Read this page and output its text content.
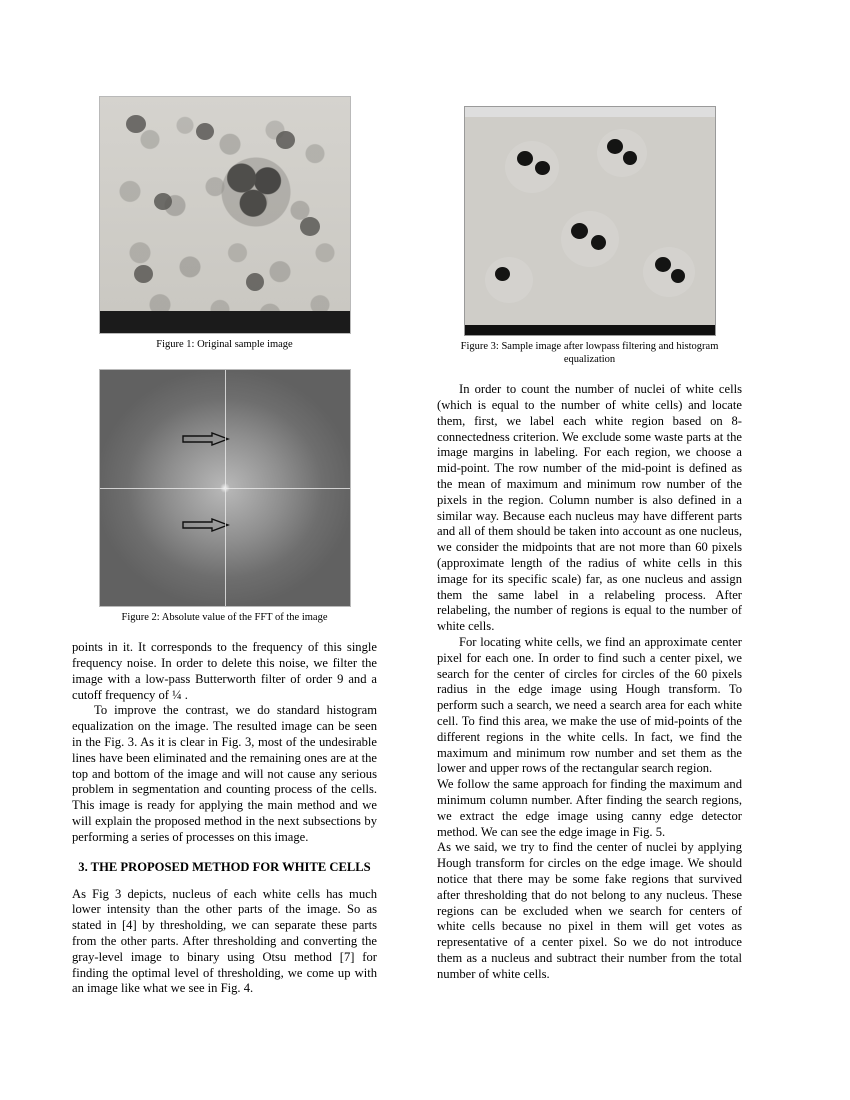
Figure 1: Original sample image
Figure 2: Absolute value of the FFT of the image

points in it. It corresponds to the frequency of this single frequency noise. In order to delete this noise, we filter the image with a low-pass Butterworth filter of order 9 and a cutoff frequency of ¼ .

To improve the contrast, we do standard histogram equalization on the image. The resulted image can be seen in the Fig. 3. As it is clear in Fig. 3, most of the undesirable lines have been eliminated and the remaining ones are at the top and bottom of the image and will not cause any serious problem in segmentation and counting process of the cells. This image is ready for applying the main method and we will explain the proposed method in the next subsections by performing a series of processes on this image.

3. THE PROPOSED METHOD FOR WHITE CELLS

As Fig 3 depicts, nucleus of each white cells has much lower intensity than the other parts of the image. So as stated in [4] by thresholding, we can separate these parts from the other parts. After thresholding and converting the gray-level image to binary using Otsu method [7] for finding the optimal level of thresholding, we come up with an image like what we see in Fig. 4.

Figure 3: Sample image after lowpass filtering and histogram equalization

In order to count the number of nuclei of white cells (which is equal to the number of white cells) and locate them, first, we label each white region based on 8-connectedness criterion. We exclude some waste parts at the image margins in labeling. For each region, we choose a mid-point. The row number of the mid-point is defined as the mean of maximum and minimum row number of the pixels in the region. Column number is also defined in a similar way. Because each nucleus may have different parts and all of them should be taken into account as one nucleus, we consider the midpoints that are not more than 60 pixels (approximate length of the radius of white cells in this image for its specific scale) far, as one nucleus and assign them the same label in a relabeling process. After relabeling, the number of regions is equal to the number of white cells.

For locating white cells, we find an approximate center pixel for each one. In order to find such a center pixel, we search for the center of circles for circles of the 60 pixels radius in the edge image using Hough transform. To perform such a search, we need a search area for each white cell. To find this area, we make the use of mid-points of the different regions in the white cells. In fact, we find the maximum and minimum row number and set them as the lower and upper rows of the rectangular search region.

We follow the same approach for finding the maximum and minimum column number. After finding the search regions, we extract the edge image using canny edge detector method. We can see the edge image in Fig. 5.

As we said, we try to find the center of nuclei by applying Hough transform for circles on the edge image. We should notice that there may be some fake regions that survived after thresholding that do not belong to any nucleus. These regions can be excluded when we search for centers of white cells because no pixel in them will get votes as representative of a center pixel. So we do not introduce them as a nucleus and subtract their number from the total number of white cells.
